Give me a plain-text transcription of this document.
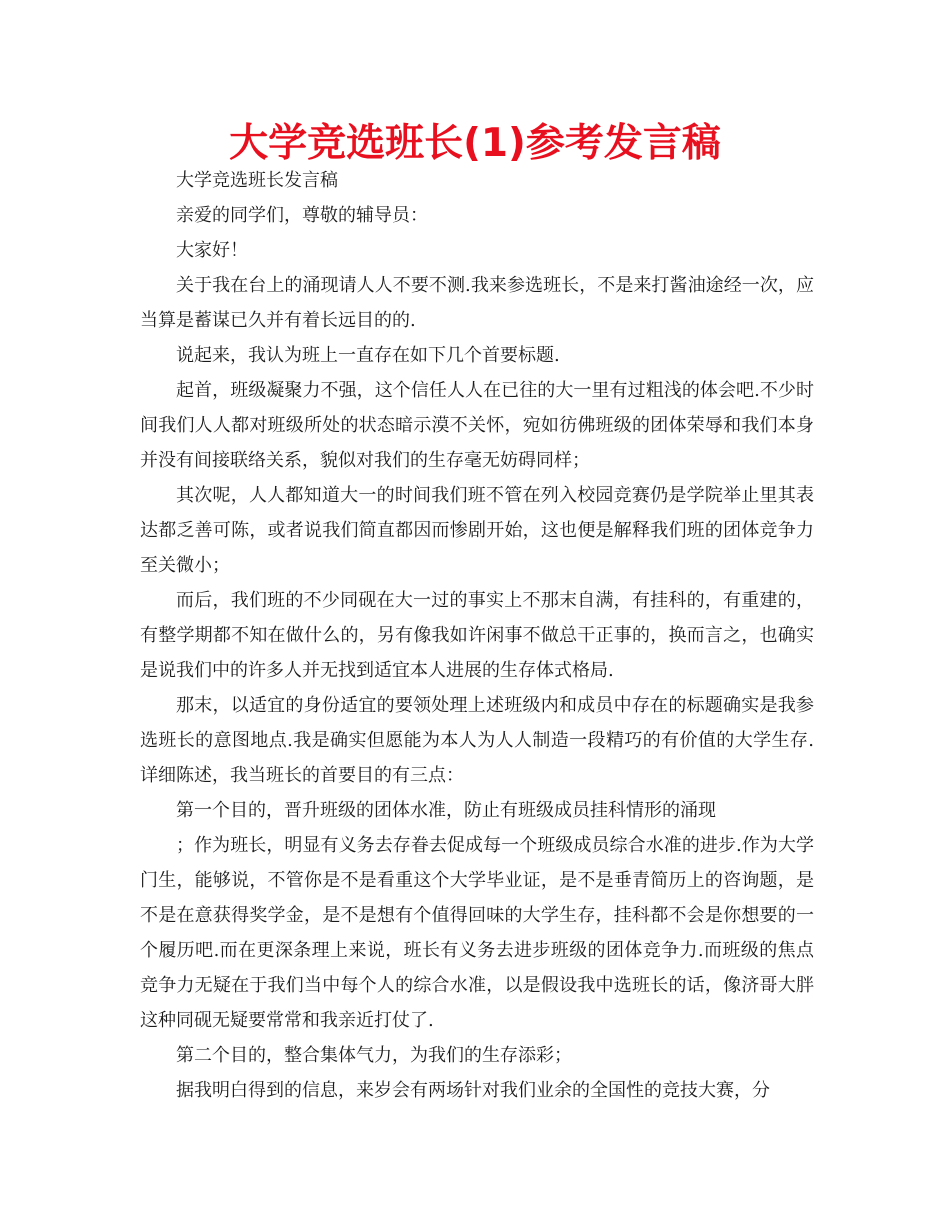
大学竞选班长(1)参考发言稿

大学竞选班长发言稿

亲爱的同学们，尊敬的辅导员：

大家好！

关于我在台上的涌现请人人不要不测.我来参选班长，不是来打酱油途经一次，应当算是蓄谋已久并有着长远目的的.

说起来，我认为班上一直存在如下几个首要标题.

起首，班级凝聚力不强，这个信任人人在已往的大一里有过粗浅的体会吧.不少时间我们人人都对班级所处的状态暗示漠不关怀，宛如彷佛班级的团体荣辱和我们本身并没有间接联络关系，貌似对我们的生存毫无妨碍同样；

其次呢，人人都知道大一的时间我们班不管在列入校园竞赛仍是学院举止里其表达都乏善可陈，或者说我们简直都因而惨剧开始，这也便是解释我们班的团体竞争力至关微小；

而后，我们班的不少同砚在大一过的事实上不那末自满，有挂科的，有重建的，有整学期都不知在做什么的，另有像我如许闲事不做总干正事的，换而言之，也确实是说我们中的许多人并无找到适宜本人进展的生存体式格局.

那末，以适宜的身份适宜的要领处理上述班级内和成员中存在的标题确实是我参选班长的意图地点.我是确实但愿能为本人为人人制造一段精巧的有价值的大学生存.详细陈述，我当班长的首要目的有三点：

第一个目的，晋升班级的团体水准，防止有班级成员挂科情形的涌现

；作为班长，明显有义务去存眷去促成每一个班级成员综合水准的进步.作为大学门生，能够说，不管你是不是看重这个大学毕业证，是不是垂青简历上的咨询题，是不是在意获得奖学金，是不是想有个值得回味的大学生存，挂科都不会是你想要的一个履历吧.而在更深条理上来说，班长有义务去进步班级的团体竞争力.而班级的焦点竞争力无疑在于我们当中每个人的综合水准，以是假设我中选班长的话，像济哥大胖这种同砚无疑要常常和我亲近打仗了.

第二个目的，整合集体气力，为我们的生存添彩；

据我明白得到的信息，来岁会有两场针对我们业余的全国性的竞技大赛，分
